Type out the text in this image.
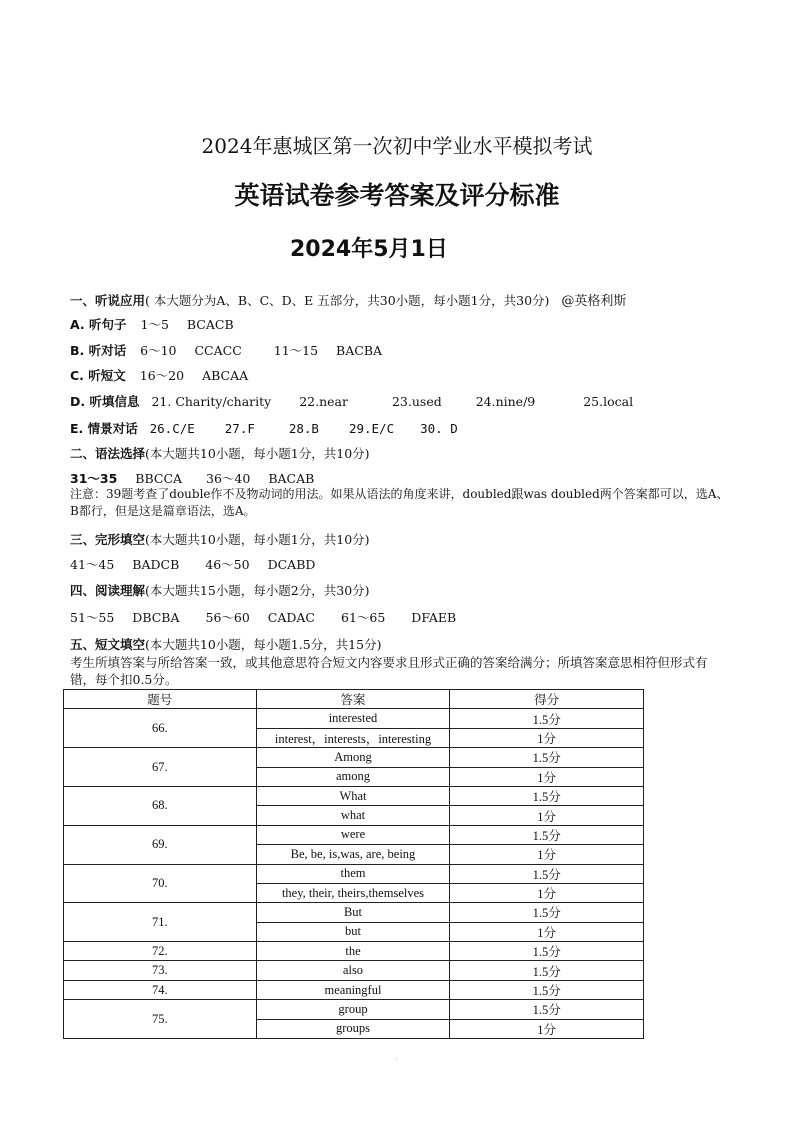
2024年惠城区第一次初中学业水平模拟考试
英语试卷参考答案及评分标准
2024年5月1日
一、听说应用( 本大题分为A、B、C、D、E 五部分，共30小题，每小题1分，共30分) @英格利斯
A. 听句子 1～5 BCACB
B. 听对话 6～10 CCACC	11～15 BACBA
C. 听短文 16～20 ABCAA
D. 听填信息 21. Charity/charity 22.near	23.used	24.nine/9	25.local
E. 情景对话 26.C/E 27.F	28.B 29.E/C 30. D
二、语法选择(本大题共10小题，每小题1分，共10分)
31～35 BBCCA 36～40 BACAB
注意：39题考查了double作不及物动词的用法。如果从语法的角度来讲，doubled跟was doubled两个答案都可以，选A、B都行，但是这是篇章语法，选A。
三、完形填空(本大题共10小题，每小题1分，共10分)
41～45 BADCB 46～50 DCABD
四、阅读理解(本大题共15小题，每小题2分，共30分)
51～55 DBCBA 56～60 CADAC 61～65 DFAEB
五、短文填空(本大题共10小题，每小题1.5分，共15分)
考生所填答案与所给答案一致，或其他意思符合短文内容要求且形式正确的答案给满分；所填答案意思相符但形式有错，每个扣0.5分。
题号	答案	得分
66.	interested	1.5分
	interest，interests，interesting	1分
67.	Among	1.5分
	among	1分
68.	What	1.5分
	what	1分
69.	were	1.5分
	Be, be, is,was, are, being	1分
70.	them	1.5分
	they, their, theirs,themselves	1分
71.	But	1.5分
	but	1分
72.	the	1.5分
73.	also	1.5分
74.	meaningful	1.5分
75.	group	1.5分
	groups	1分
'
